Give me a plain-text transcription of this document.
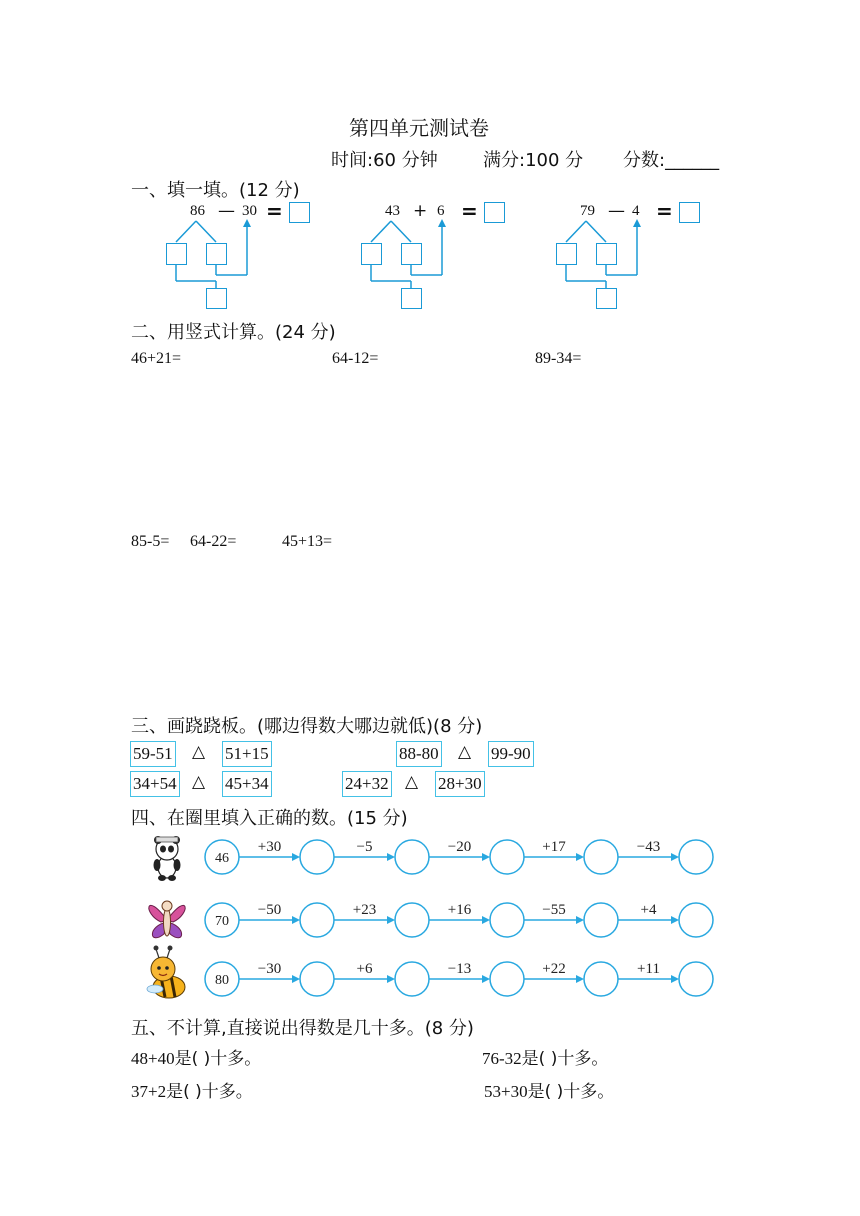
第四单元测试卷
时间:60 分钟	满分:100 分 分数:______
一、填一填。(12 分)
86 — 30 =	43 + 6 =	79 — 4 =
二、用竖式计算。(24 分)
46+21=	64-12=	89-34=
85-5= 64-22=	45+13=
三、画跷跷板。(哪边得数大哪边就低)(8 分)
59-51 △ 51+15	88-80 △ 99-90
34+54 △ 45+34	24+32 △ 28+30
四、在圈里填入正确的数。(15 分)
+30	−5	−20	+17	−43
46
−50	+23	+16	−55	+4
70
−30	+6	−13	+22	+11
80
五、不计算,直接说出得数是几十多。(8 分)
48+40是( )十多。	76-32是( )十多。
37+2是( )十多。	53+30是( )十多。
